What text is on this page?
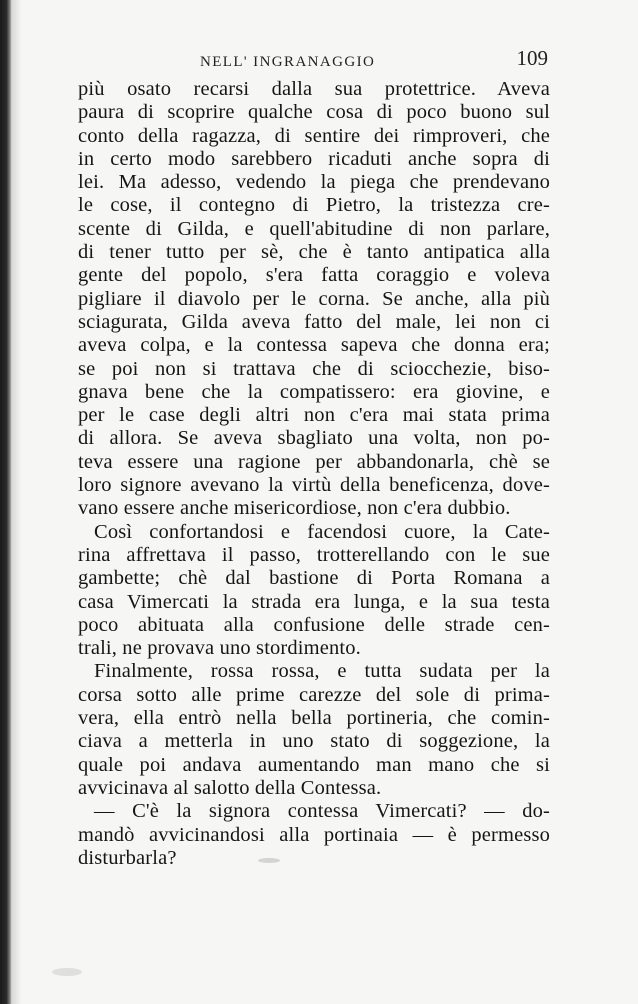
NELL' INGRANAGGIO	109
più osato recarsi dalla sua protettrice. Aveva
paura di scoprire qualche cosa di poco buono sul
conto della ragazza, di sentire dei rimproveri, che
in certo modo sarebbero ricaduti anche sopra di
lei. Ma adesso, vedendo la piega che prendevano
le cose, il contegno di Pietro, la tristezza cre-
scente di Gilda, e quell'abitudine di non parlare,
di tener tutto per sè, che è tanto antipatica alla
gente del popolo, s'era fatta coraggio e voleva
pigliare il diavolo per le corna. Se anche, alla più
sciagurata, Gilda aveva fatto del male, lei non ci
aveva colpa, e la contessa sapeva che donna era;
se poi non si trattava che di sciocchezie, biso-
gnava bene che la compatissero: era giovine, e
per le case degli altri non c'era mai stata prima
di allora. Se aveva sbagliato una volta, non po-
teva essere una ragione per abbandonarla, chè se
loro signore avevano la virtù della beneficenza, dove-
vano essere anche misericordiose, non c'era dubbio.
Così confortandosi e facendosi cuore, la Cate-
rina affrettava il passo, trotterellando con le sue
gambette; chè dal bastione di Porta Romana a
casa Vimercati la strada era lunga, e la sua testa
poco abituata alla confusione delle strade cen-
trali, ne provava uno stordimento.
Finalmente, rossa rossa, e tutta sudata per la
corsa sotto alle prime carezze del sole di prima-
vera, ella entrò nella bella portineria, che comin-
ciava a metterla in uno stato di soggezione, la
quale poi andava aumentando man mano che si
avvicinava al salotto della Contessa.
— C'è la signora contessa Vimercati? — do-
mandò avvicinandosi alla portinaia — è permesso
disturbarla?
